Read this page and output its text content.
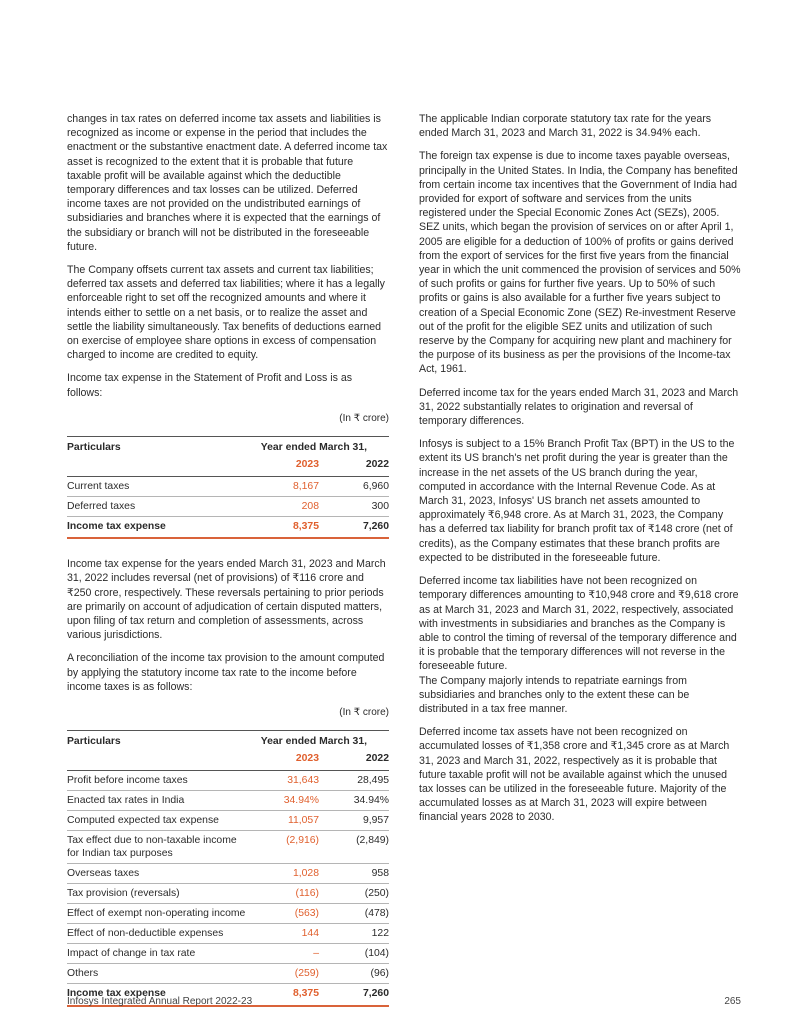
changes in tax rates on deferred income tax assets and liabilities is recognized as income or expense in the period that includes the enactment or the substantive enactment date. A deferred income tax asset is recognized to the extent that it is probable that future taxable profit will be available against which the deductible temporary differences and tax losses can be utilized. Deferred income taxes are not provided on the undistributed earnings of subsidiaries and branches where it is expected that the earnings of the subsidiary or branch will not be distributed in the foreseeable future.

The Company offsets current tax assets and current tax liabilities; deferred tax assets and deferred tax liabilities; where it has a legally enforceable right to set off the recognized amounts and where it intends either to settle on a net basis, or to realize the asset and settle the liability simultaneously. Tax benefits of deductions earned on exercise of employee share options in excess of compensation charged to income are credited to equity.

Income tax expense in the Statement of Profit and Loss is as follows:

(In ₹ crore)
Particulars	Year ended March 31,	
	2023	2022
Current taxes	8,167	6,960
Deferred taxes	208	300
Income tax expense	8,375	7,260

Income tax expense for the years ended March 31, 2023 and March 31, 2022 includes reversal (net of provisions) of ₹116 crore and ₹250 crore, respectively. These reversals pertaining to prior periods are primarily on account of adjudication of certain disputed matters, upon filing of tax return and completion of assessments, across various jurisdictions.

A reconciliation of the income tax provision to the amount computed by applying the statutory income tax rate to the income before income taxes is as follows:

(In ₹ crore)
Particulars	Year ended March 31,	
	2023	2022
Profit before income taxes	31,643	28,495
Enacted tax rates in India	34.94%	34.94%
Computed expected tax expense	11,057	9,957
Tax effect due to non-taxable income for Indian tax purposes	(2,916)	(2,849)
Overseas taxes	1,028	958
Tax provision (reversals)	(116)	(250)
Effect of exempt non-operating income	(563)	(478)
Effect of non-deductible expenses	144	122
Impact of change in tax rate	–	(104)
Others	(259)	(96)
Income tax expense	8,375	7,260

The applicable Indian corporate statutory tax rate for the years ended March 31, 2023 and March 31, 2022 is 34.94% each.

The foreign tax expense is due to income taxes payable overseas, principally in the United States. In India, the Company has benefited from certain income tax incentives that the Government of India had provided for export of software and services from the units registered under the Special Economic Zones Act (SEZs), 2005. SEZ units, which began the provision of services on or after April 1, 2005 are eligible for a deduction of 100% of profits or gains derived from the export of services for the first five years from the financial year in which the unit commenced the provision of services and 50% of such profits or gains for further five years. Up to 50% of such profits or gains is also available for a further five years subject to creation of a Special Economic Zone (SEZ) Re-investment Reserve out of the profit for the eligible SEZ units and utilization of such reserve by the Company for acquiring new plant and machinery for the purpose of its business as per the provisions of the Income-tax Act, 1961.

Deferred income tax for the years ended March 31, 2023 and March 31, 2022 substantially relates to origination and reversal of temporary differences.

Infosys is subject to a 15% Branch Profit Tax (BPT) in the US to the extent its US branch's net profit during the year is greater than the increase in the net assets of the US branch during the year, computed in accordance with the Internal Revenue Code. As at March 31, 2023, Infosys' US branch net assets amounted to approximately ₹6,948 crore. As at March 31, 2023, the Company has a deferred tax liability for branch profit tax of ₹148 crore (net of credits), as the Company estimates that these branch profits are expected to be distributed in the foreseeable future.

Deferred income tax liabilities have not been recognized on temporary differences amounting to ₹10,948 crore and ₹9,618 crore as at March 31, 2023 and March 31, 2022, respectively, associated with investments in subsidiaries and branches as the Company is able to control the timing of reversal of the temporary difference and it is probable that the temporary differences will not reverse in the foreseeable future.

The Company majorly intends to repatriate earnings from subsidiaries and branches only to the extent these can be distributed in a tax free manner.

Deferred income tax assets have not been recognized on accumulated losses of ₹1,358 crore and ₹1,345 crore as at March 31, 2023 and March 31, 2022, respectively as it is probable that future taxable profit will not be available against which the unused tax losses can be utilized in the foreseeable future. Majority of the accumulated losses as at March 31, 2023 will expire between financial years 2028 to 2030.

Infosys Integrated Annual Report 2022-23	265
